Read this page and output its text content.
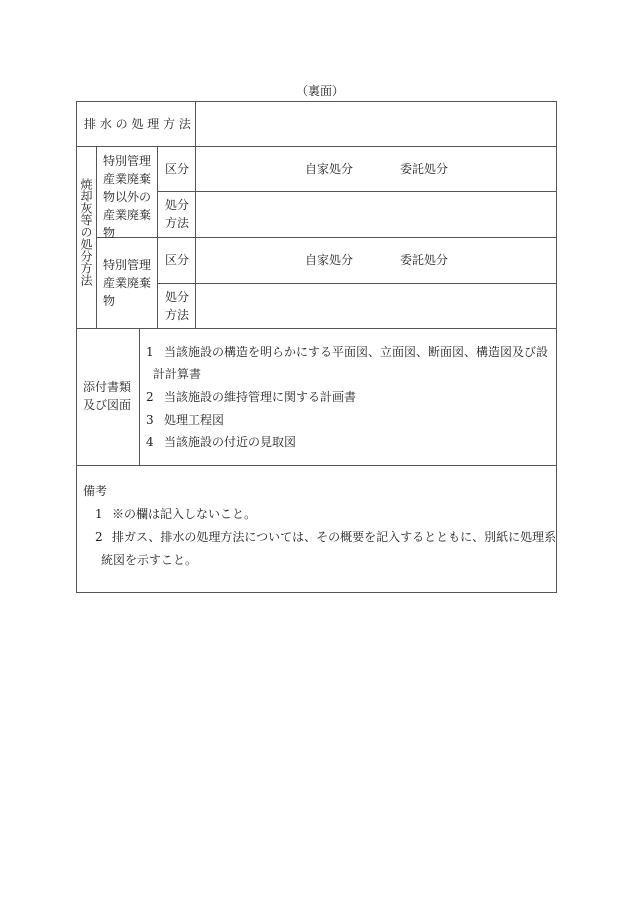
（裏面）
排 水 の 処 理 方 法
焼却灰等の処分方法
特別管理産業廃棄物以外の産業廃棄物
区分	自家処分	委託処分
処分方法
特別管理産業廃棄物
区分	自家処分	委託処分
処分方法
添付書類及び図面
1 当該施設の構造を明らかにする平面図、立面図、断面図、構造図及び設
計計算書
2 当該施設の維持管理に関する計画書
3 処理工程図
4 当該施設の付近の見取図
備考
1 ※の欄は記入しないこと。
2 排ガス、排水の処理方法については、その概要を記入するとともに、別紙に処理系
統図を示すこと。
